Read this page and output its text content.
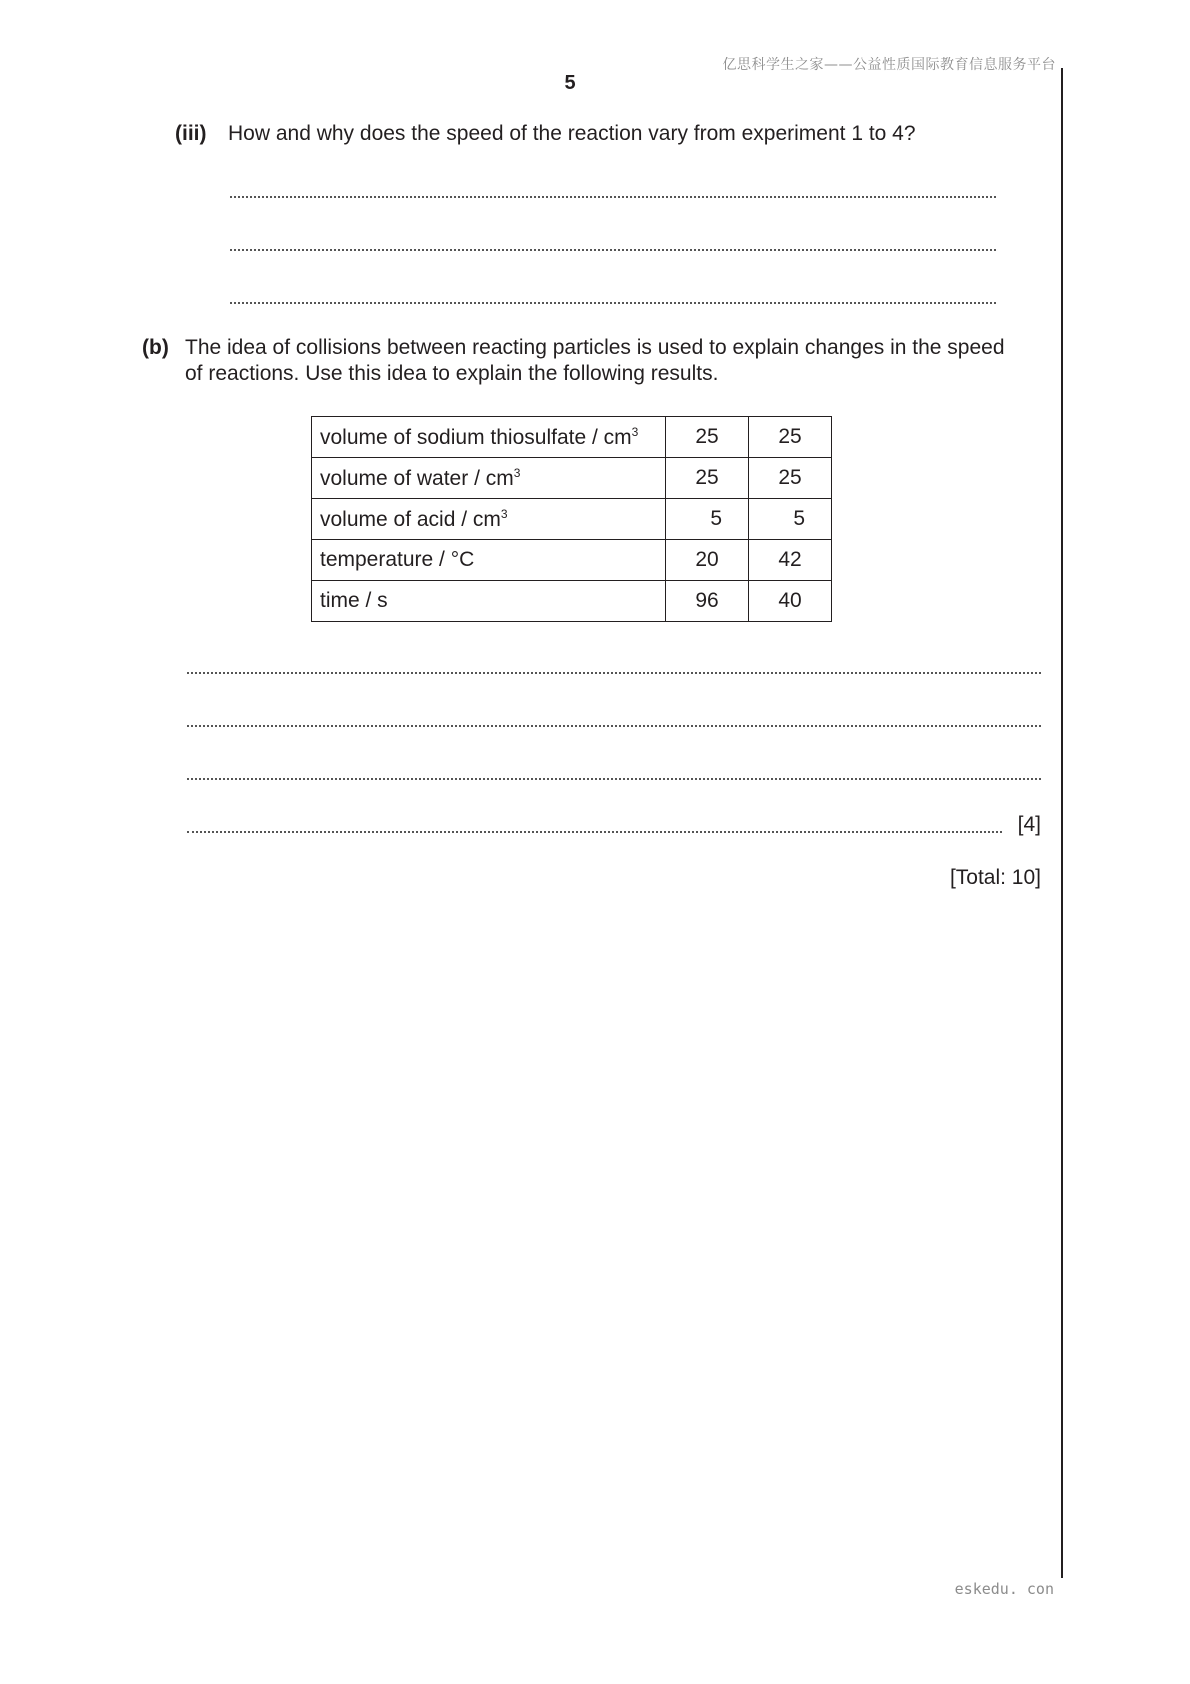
亿思科学生之家——公益性质国际教育信息服务平台
5
(iii) How and why does the speed of the reaction vary from experiment 1 to 4?
(b) The idea of collisions between reacting particles is used to explain changes in the speed
of reactions. Use this idea to explain the following results.
volume of sodium thiosulfate / $cm^3$	25	25
volume of water / $cm^3$	25	25
volume of acid / $cm^3$	5	5
temperature / °C	20	42
time / s	96	40
[4]
[Total: 10]
eskedu. con
